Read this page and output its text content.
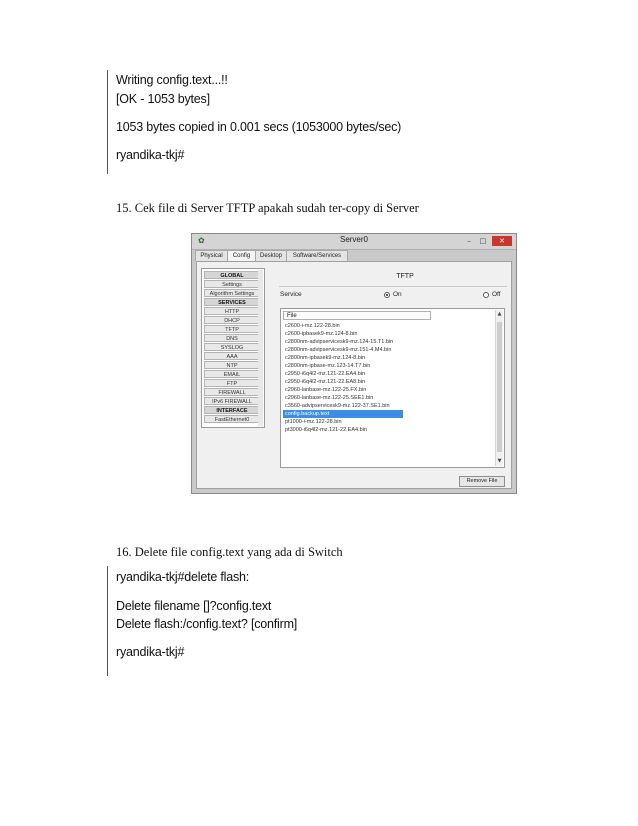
Writing config.text...!!
[OK - 1053 bytes]
1053 bytes copied in 0.001 secs (1053000 bytes/sec)
ryandika-tkj#
15. Cek file di Server TFTP apakah sudah ter-copy di Server
✿	Server0	–	□	✕
Physical	Config	Desktop	Software/Services
GLOBAL
Settings
Algorithm Settings
SERVICES
HTTP
DHCP
TFTP
DNS
SYSLOG
AAA
NTP
EMAIL
FTP
FIREWALL
IPv6 FIREWALL
INTERFACE
FastEthernet0
TFTP
Service	On	Off
File
c2600-i-mz.122-28.bin
c2600-ipbasek9-mz.124-8.bin
c2800nm-advipservicesk9-mz.124-15.T1.bin
c2800nm-advipservicesk9-mz.151-4.M4.bin
c2800nm-ipbasek9-mz.124-8.bin
c2800nm-ipbase-mz.123-14.T7.bin
c2950-i6q4l2-mz.121-22.EA4.bin
c2950-i6q4l2-mz.121-22.EA8.bin
c2960-lanbase-mz.122-25.FX.bin
c2960-lanbase-mz.122-25.SEE1.bin
c3560-advipservicesk9-mz.122-37.SE1.bin
config.backup.text
pt1000-i-mz.122-28.bin
pt3000-i6q4l2-mz.121-22.EA4.bin
▲
▼
Remove File
16. Delete file config.text yang ada di Switch
ryandika-tkj#delete flash:
Delete filename []?config.text
Delete flash:/config.text? [confirm]
ryandika-tkj#
